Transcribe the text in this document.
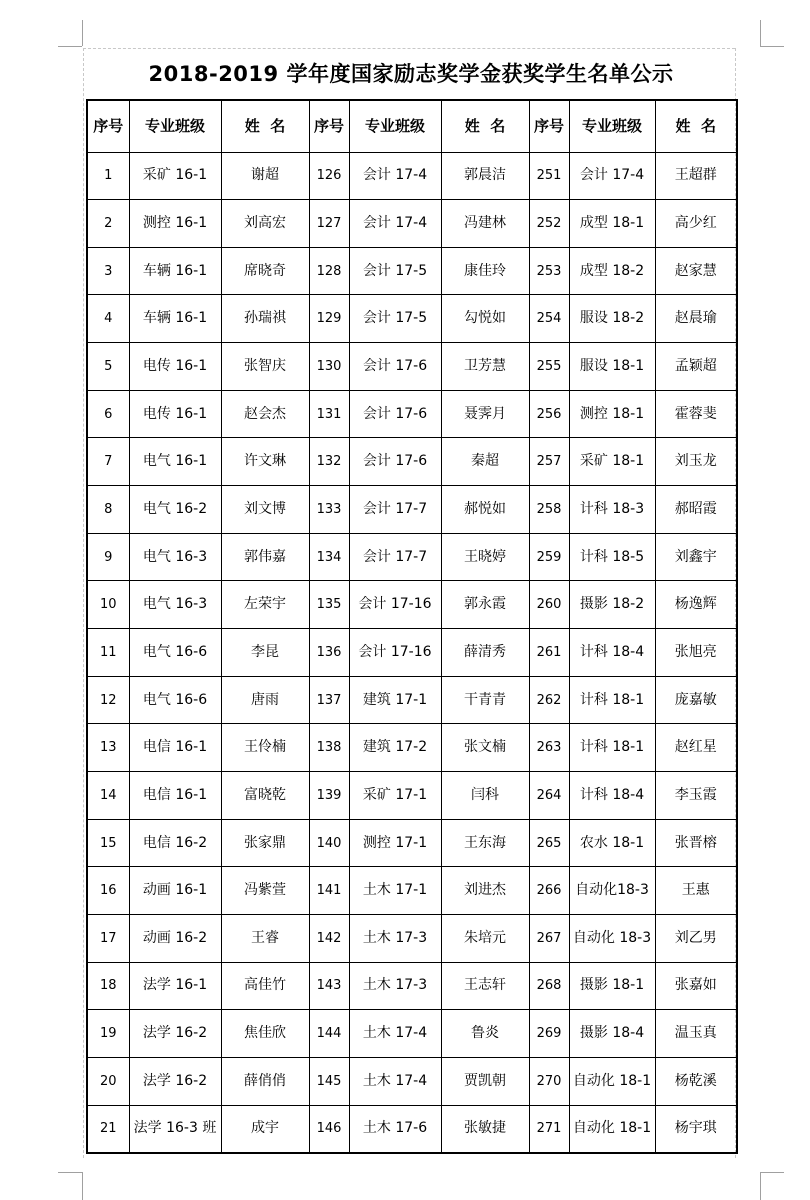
2018-2019 学年度国家励志奖学金获奖学生名单公示
序号	专业班级	姓  名	序号	专业班级	姓  名	序号	专业班级	姓  名
1	采矿 16-1	谢超	126	会计 17-4	郭晨洁	251	会计 17-4	王超群
2	测控 16-1	刘高宏	127	会计 17-4	冯建林	252	成型 18-1	高少红
3	车辆 16-1	席晓奇	128	会计 17-5	康佳玲	253	成型 18-2	赵家慧
4	车辆 16-1	孙瑞祺	129	会计 17-5	勾悦如	254	服设 18-2	赵晨瑜
5	电传 16-1	张智庆	130	会计 17-6	卫芳慧	255	服设 18-1	孟颖超
6	电传 16-1	赵会杰	131	会计 17-6	聂霁月	256	测控 18-1	霍蓉斐
7	电气 16-1	许文琳	132	会计 17-6	秦超	257	采矿 18-1	刘玉龙
8	电气 16-2	刘文博	133	会计 17-7	郝悦如	258	计科 18-3	郝昭霞
9	电气 16-3	郭伟嘉	134	会计 17-7	王晓婷	259	计科 18-5	刘鑫宇
10	电气 16-3	左荣宇	135	会计 17-16	郭永霞	260	摄影 18-2	杨逸辉
11	电气 16-6	李昆	136	会计 17-16	薛清秀	261	计科 18-4	张旭亮
12	电气 16-6	唐雨	137	建筑 17-1	干青青	262	计科 18-1	庞嘉敏
13	电信 16-1	王伶楠	138	建筑 17-2	张文楠	263	计科 18-1	赵红星
14	电信 16-1	富晓乾	139	采矿 17-1	闫科	264	计科 18-4	李玉霞
15	电信 16-2	张家鼎	140	测控 17-1	王东海	265	农水 18-1	张晋榕
16	动画 16-1	冯紫萱	141	土木 17-1	刘进杰	266	自动化18-3	王惠
17	动画 16-2	王睿	142	土木 17-3	朱培元	267	自动化 18-3	刘乙男
18	法学 16-1	高佳竹	143	土木 17-3	王志轩	268	摄影 18-1	张嘉如
19	法学 16-2	焦佳欣	144	土木 17-4	鲁炎	269	摄影 18-4	温玉真
20	法学 16-2	薛俏俏	145	土木 17-4	贾凯朝	270	自动化 18-1	杨乾溪
21	法学 16-3 班	成宇	146	土木 17-6	张敏捷	271	自动化 18-1	杨宇琪
